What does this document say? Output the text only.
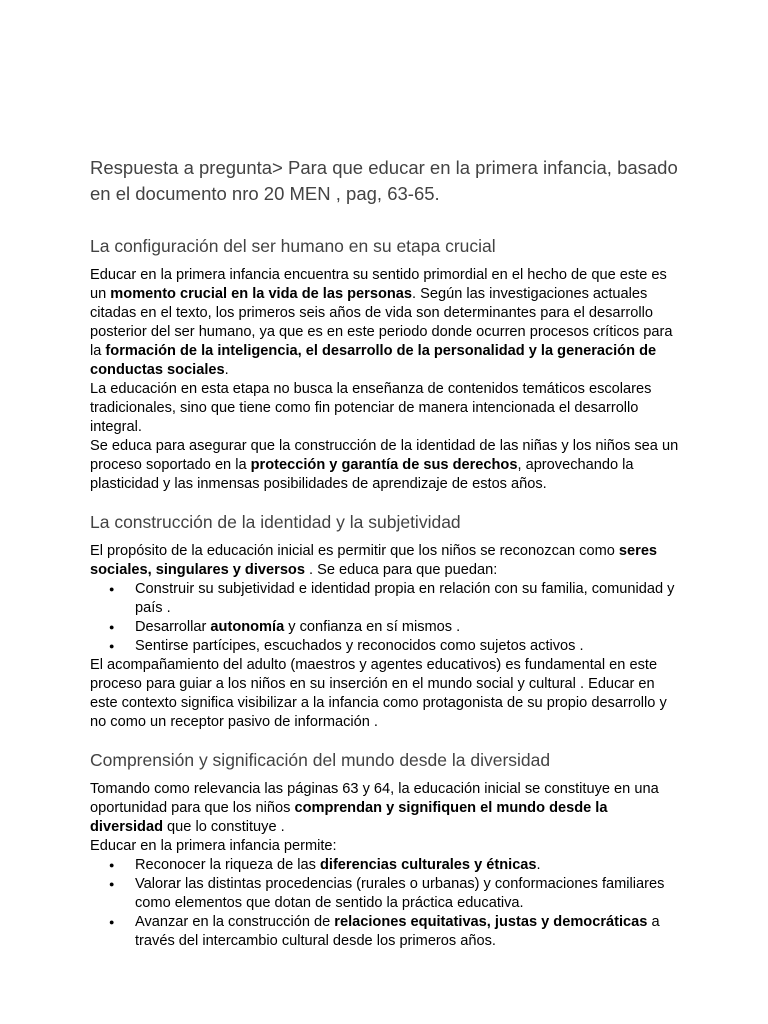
Respuesta a pregunta> Para que educar en la primera infancia, basado en el documento nro 20 MEN , pag, 63-65.

La configuración del ser humano en su etapa crucial

Educar en la primera infancia encuentra su sentido primordial en el hecho de que este es un momento crucial en la vida de las personas. Según las investigaciones actuales citadas en el texto, los primeros seis años de vida son determinantes para el desarrollo posterior del ser humano, ya que es en este periodo donde ocurren procesos críticos para la formación de la inteligencia, el desarrollo de la personalidad y la generación de conductas sociales.

La educación en esta etapa no busca la enseñanza de contenidos temáticos escolares tradicionales, sino que tiene como fin potenciar de manera intencionada el desarrollo integral.

Se educa para asegurar que la construcción de la identidad de las niñas y los niños sea un proceso soportado en la protección y garantía de sus derechos, aprovechando la plasticidad y las inmensas posibilidades de aprendizaje de estos años.

La construcción de la identidad y la subjetividad

El propósito de la educación inicial es permitir que los niños se reconozcan como seres sociales, singulares y diversos . Se educa para que puedan:

● Construir su subjetividad e identidad propia en relación con su familia, comunidad y país .
● Desarrollar autonomía y confianza en sí mismos .
● Sentirse partícipes, escuchados y reconocidos como sujetos activos .

El acompañamiento del adulto (maestros y agentes educativos) es fundamental en este proceso para guiar a los niños en su inserción en el mundo social y cultural . Educar en este contexto significa visibilizar a la infancia como protagonista de su propio desarrollo y no como un receptor pasivo de información .

Comprensión y significación del mundo desde la diversidad

Tomando como relevancia las páginas 63 y 64, la educación inicial se constituye en una oportunidad para que los niños comprendan y signifiquen el mundo desde la diversidad que lo constituye .

Educar en la primera infancia permite:

● Reconocer la riqueza de las diferencias culturales y étnicas.
● Valorar las distintas procedencias (rurales o urbanas) y conformaciones familiares como elementos que dotan de sentido la práctica educativa.
● Avanzar en la construcción de relaciones equitativas, justas y democráticas a través del intercambio cultural desde los primeros años.
